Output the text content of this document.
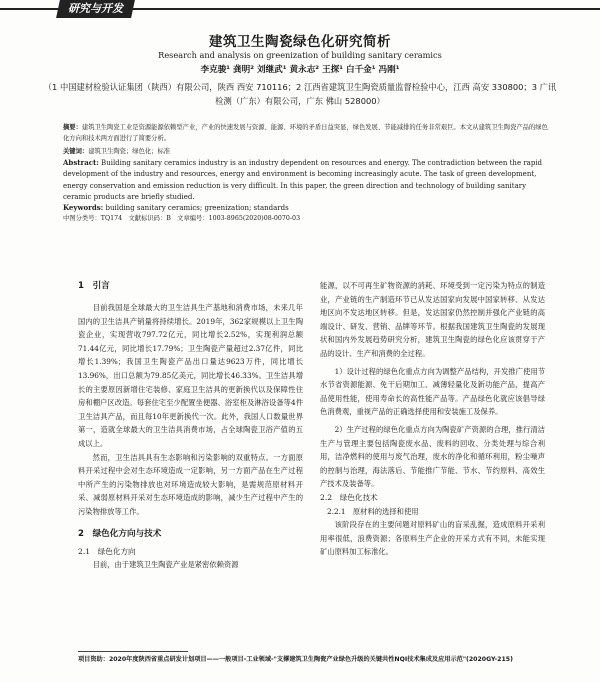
研究与开发
建筑卫生陶瓷绿色化研究简析
Research and analysis on greenization of building sanitary ceramics
李克骏¹ 龚明² 刘继武¹ 黄永志² 王探¹ 白千金¹ 冯刚¹
（1 中国建材检验认证集团（陕西）有限公司，陕西 西安 710116；2 江西省建筑卫生陶瓷质量监督检验中心，江西 高安 330800；3 广讯检测（广东）有限公司，广东 佛山 528000）
摘要：建筑卫生陶瓷工业是资源能源依赖型产业，产业的快速发展与资源、能源、环境的矛盾日益突显，绿色发展、节能减排的任务非常艰巨。本文从建筑卫生陶瓷产品的绿色化方向和技术两方面进行了简要分析。
关键词：建筑卫生陶瓷；绿色化；标准
Abstract: Building sanitary ceramics industry is an industry dependent on resources and energy. The contradiction between the rapid development of the industry and resources, energy and environment is becoming increasingly acute. The task of green development, energy conservation and emission reduction is very difficult. In this paper, the green direction and technology of building sanitary ceramic products are briefly studied.
Keywords: building sanitary ceramics; greenization; standards
中图分类号：TQ174　文献标识码：B　文章编号：1003-8965(2020)08-0070-03
1　引言

目前我国是全球最大的卫生洁具生产基地和消费市场，未来几年国内的卫生洁具产销量将持续增长。2019年，362家规模以上卫生陶瓷企业，实现营收797.72亿元，同比增长2.52%，实现利润总额71.44亿元，同比增长17.79%；卫生陶瓷产量超过2.37亿件，同比增长1.39%；我国卫生陶瓷产品出口量达9623万件，同比增长13.96%，出口总额为79.85亿美元，同比增长46.33%。卫生洁具增长的主要原因新增住宅装修、家庭卫生洁具的更新换代以及保障性住房和棚户区改造。每套住宅至少配置坐便器、浴室柜及淋浴设备等4件卫生洁具产品，而且每10年更新换代一次。此外，我国人口数量世界第一，造就全球最大的卫生洁具消费市场，占全球陶瓷卫浴产值的五成以上。

然而，卫生洁具具有生态影响和污染影响的双重特点。一方面原料开采过程中会对生态环境造成一定影响，另一方面产品在生产过程中所产生的污染物排放也对环境造成较大影响，是需规范原材料开采、减弱原材料开采对生态环境造成的影响，减少生产过程中产生的污染物排放等工作。

2　绿色化方向与技术
2.1　绿色化方向

目前，由于建筑卫生陶瓷产业是紧密依赖资源

能源，以不可再生矿物资源的消耗、环境受到一定污染为特点的制造业，产业链的生产制造环节已从发达国家向发展中国家转移、从发达地区向不发达地区转移。但是，发达国家仍然控制并强化产业链的高端设计、研发、营销、品牌等环节。根据我国建筑卫生陶瓷的发展现状和国内外发展趋势研究分析，建筑卫生陶瓷的绿色化应该贯穿于产品的设计、生产和消费的全过程。

1）设计过程的绿色化重点方向为调整产品结构，开发推广使用节水节省资源能源、免干后期加工、减薄轻量化及新功能产品，提高产品使用性能，使用寿命长的高性能产品等。产品绿色化就应该倡导绿色消费观，重视产品的正确选择使用和安装施工及保养。

2）生产过程的绿色化重点方向为陶瓷矿产资源的合理，推行清洁生产与管理主要包括陶瓷废水品、废料的回收、分类处理与综合利用，洁净燃料的使用与废气治理，废水的净化和循环利用，粉尘噪声的控制与治理，海法落后、节能推广节能、节水、节约原料、高效生产技术及装备等。

2.2　绿色化技术
2.2.1　原材料的选择和使用

该阶段存在的主要问题对原料矿山的盲采乱掘，造成原料开采利用率很低，浪费资源；各原料生产企业的开采方式有不同，未能实现矿山原料加工标准化。

项目资助：2020年度陕西省重点研发计划项目——一般项目-工业领域-"支撑建筑卫生陶瓷产业绿色升级的关键共性NQI技术集成及应用示范"(2020GY-215)
